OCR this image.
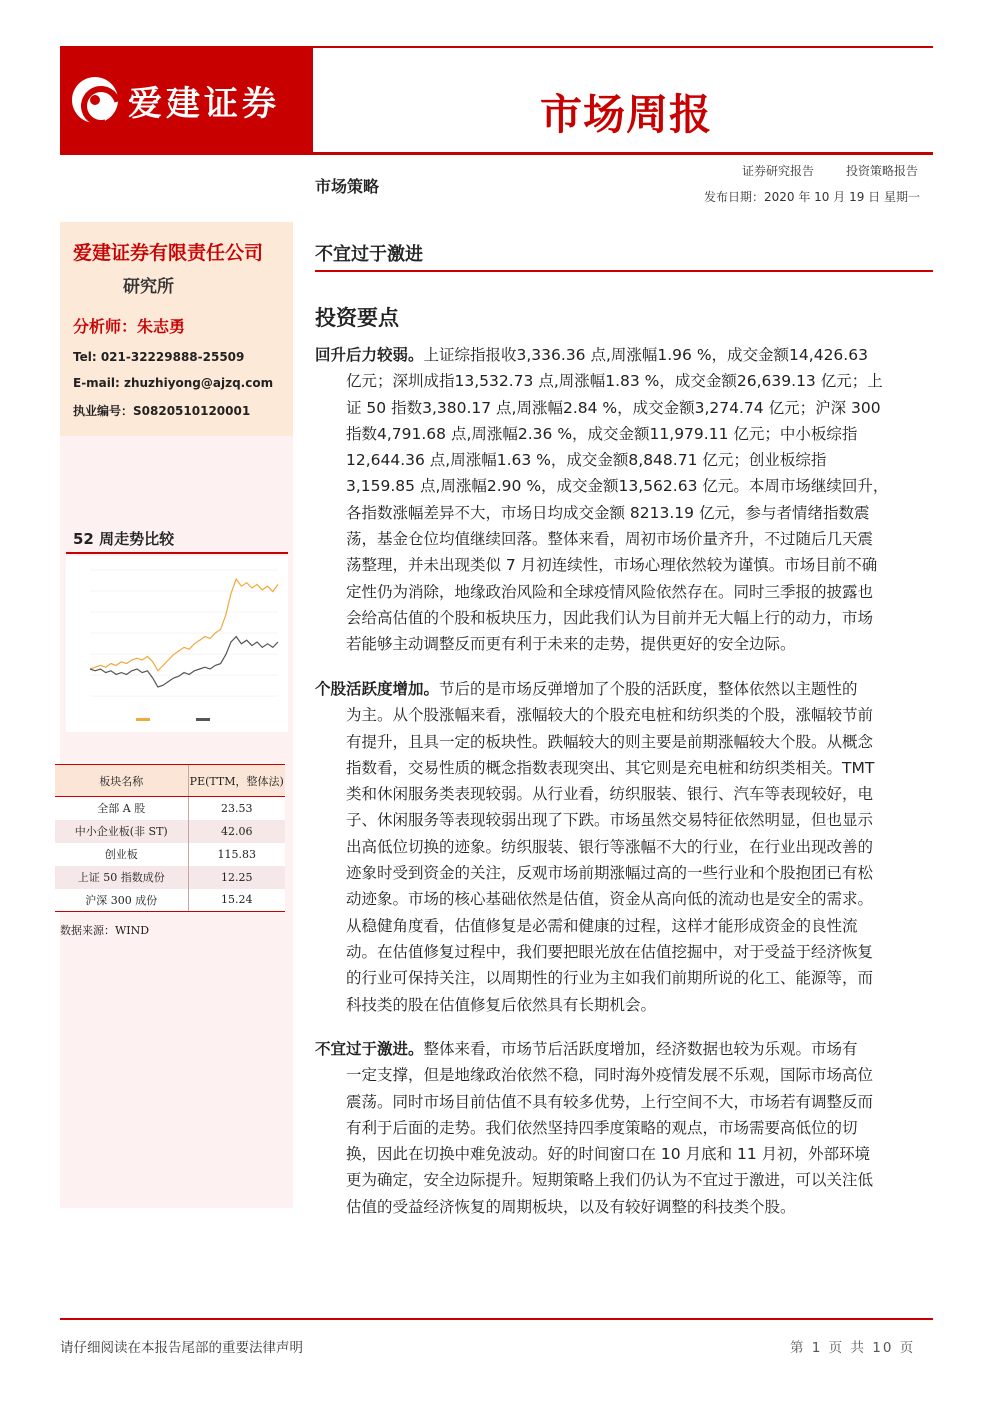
爱建证券	市场周报
证券研究报告	投资策略报告
发布日期：2020 年 10 月 19 日 星期一
市场策略
爱建证券有限责任公司
研究所
分析师：朱志勇
Tel: 021-32229888-25509
E-mail: zhuzhiyong@ajzq.com
执业编号：S0820510120001
52 周走势比较
板块名称	PE(TTM，整体法)
全部 A 股	23.53
中小企业板(非 ST)	42.06
创业板	115.83
上证 50 指数成份	12.25
沪深 300 成份	15.24
数据来源：WIND
不宜过于激进
投资要点
回升后力较弱。上证综指报收3,336.36 点,周涨幅1.96 %，成交金额14,426.63
亿元；深圳成指13,532.73 点,周涨幅1.83 %，成交金额26,639.13 亿元；上
证 50 指数3,380.17 点,周涨幅2.84 %，成交金额3,274.74 亿元；沪深 300
指数4,791.68 点,周涨幅2.36 %，成交金额11,979.11 亿元；中小板综指
12,644.36 点,周涨幅1.63 %，成交金额8,848.71 亿元；创业板综指
3,159.85 点,周涨幅2.90 %，成交金额13,562.63 亿元。本周市场继续回升，
各指数涨幅差异不大，市场日均成交金额 8213.19 亿元，参与者情绪指数震
荡，基金仓位均值继续回落。整体来看，周初市场价量齐升，不过随后几天震
荡整理，并未出现类似 7 月初连续性，市场心理依然较为谨慎。市场目前不确
定性仍为消除，地缘政治风险和全球疫情风险依然存在。同时三季报的披露也
会给高估值的个股和板块压力，因此我们认为目前并无大幅上行的动力，市场
若能够主动调整反而更有利于未来的走势，提供更好的安全边际。
个股活跃度增加。节后的是市场反弹增加了个股的活跃度，整体依然以主题性的
为主。从个股涨幅来看，涨幅较大的个股充电桩和纺织类的个股，涨幅较节前
有提升，且具一定的板块性。跌幅较大的则主要是前期涨幅较大个股。从概念
指数看，交易性质的概念指数表现突出、其它则是充电桩和纺织类相关。TMT
类和休闲服务类表现较弱。从行业看，纺织服装、银行、汽车等表现较好，电
子、休闲服务等表现较弱出现了下跌。市场虽然交易特征依然明显，但也显示
出高低位切换的迹象。纺织服装、银行等涨幅不大的行业，在行业出现改善的
迹象时受到资金的关注，反观市场前期涨幅过高的一些行业和个股抱团已有松
动迹象。市场的核心基础依然是估值，资金从高向低的流动也是安全的需求。
从稳健角度看，估值修复是必需和健康的过程，这样才能形成资金的良性流
动。在估值修复过程中，我们要把眼光放在估值挖掘中，对于受益于经济恢复
的行业可保持关注，以周期性的行业为主如我们前期所说的化工、能源等，而
科技类的股在估值修复后依然具有长期机会。
不宜过于激进。整体来看，市场节后活跃度增加，经济数据也较为乐观。市场有
一定支撑，但是地缘政治依然不稳，同时海外疫情发展不乐观，国际市场高位
震荡。同时市场目前估值不具有较多优势，上行空间不大，市场若有调整反而
有利于后面的走势。我们依然坚持四季度策略的观点，市场需要高低位的切
换，因此在切换中难免波动。好的时间窗口在 10 月底和 11 月初，外部环境
更为确定，安全边际提升。短期策略上我们仍认为不宜过于激进，可以关注低
估值的受益经济恢复的周期板块，以及有较好调整的科技类个股。
请仔细阅读在本报告尾部的重要法律声明	第 1 页 共 10 页
